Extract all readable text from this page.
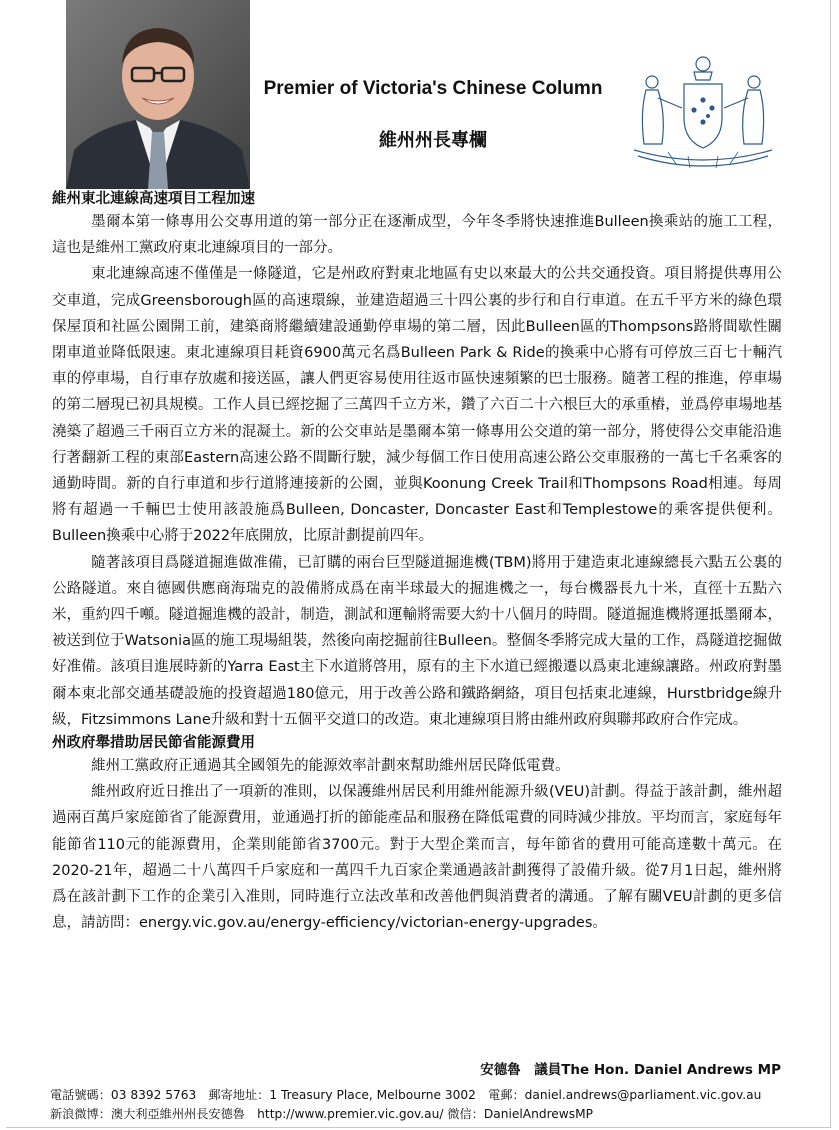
Premier of Victoria's Chinese Column
維州州長專欄
維州東北連線高速項目工程加速

墨爾本第一條專用公交專用道的第一部分正在逐漸成型，今年冬季將快速推進Bulleen換乘站的施工工程，這也是維州工黨政府東北連線項目的一部分。

東北連線高速不僅僅是一條隧道，它是州政府對東北地區有史以來最大的公共交通投資。項目將提供專用公交車道，完成Greensborough區的高速環線，並建造超過三十四公裏的步行和自行車道。在五千平方米的綠色環保屋頂和社區公園開工前，建築商將繼續建設通勤停車場的第二層，因此Bulleen區的Thompsons路將間歇性關閉車道並降低限速。東北連線項目耗資6900萬元名爲Bulleen Park & Ride的換乘中心將有可停放三百七十輛汽車的停車場，自行車存放處和接送區，讓人們更容易使用往返市區快速頻繁的巴士服務。隨著工程的推進，停車場的第二層現已初具規模。工作人員已經挖掘了三萬四千立方米，鑽了六百二十六根巨大的承重樁，並爲停車場地基澆築了超過三千兩百立方米的混凝土。新的公交車站是墨爾本第一條專用公交道的第一部分，將使得公交車能沿進行著翻新工程的東部Eastern高速公路不間斷行駛，減少每個工作日使用高速公路公交車服務的一萬七千名乘客的通勤時間。新的自行車道和步行道將連接新的公園，並與Koonung Creek Trail和Thompsons Road相連。每周將有超過一千輛巴士使用該設施爲Bulleen, Doncaster, Doncaster East和Templestowe的乘客提供便利。Bulleen換乘中心將于2022年底開放，比原計劃提前四年。

隨著該項目爲隧道掘進做准備，已訂購的兩台巨型隧道掘進機(TBM)將用于建造東北連線總長六點五公裏的公路隧道。來自德國供應商海瑞克的設備將成爲在南半球最大的掘進機之一，每台機器長九十米，直徑十五點六米，重約四千噸。隧道掘進機的設計，制造，測試和運輸將需要大約十八個月的時間。隧道掘進機將運抵墨爾本，被送到位于Watsonia區的施工現場組裝，然後向南挖掘前往Bulleen。整個冬季將完成大量的工作，爲隧道挖掘做好准備。該項目進展時新的Yarra East主下水道將啓用，原有的主下水道已經搬遷以爲東北連線讓路。州政府對墨爾本東北部交通基礎設施的投資超過180億元，用于改善公路和鐵路網絡，項目包括東北連線，Hurstbridge線升級，Fitzsimmons Lane升級和對十五個平交道口的改造。東北連線項目將由維州政府與聯邦政府合作完成。

州政府舉措助居民節省能源費用

維州工黨政府正通過其全國領先的能源效率計劃來幫助維州居民降低電費。

維州政府近日推出了一項新的准則，以保護維州居民利用維州能源升級(VEU)計劃。得益于該計劃，維州超過兩百萬戶家庭節省了能源費用，並通過打折的節能產品和服務在降低電費的同時減少排放。平均而言，家庭每年能節省110元的能源費用，企業則能節省3700元。對于大型企業而言，每年節省的費用可能高達數十萬元。在2020-21年，超過二十八萬四千戶家庭和一萬四千九百家企業通過該計劃獲得了設備升級。從7月1日起，維州將爲在該計劃下工作的企業引入准則，同時進行立法改革和改善他們與消費者的溝通。了解有關VEU計劃的更多信息，請訪問：energy.vic.gov.au/energy-efficiency/victorian-energy-upgrades。

安德魯　議員The Hon. Daniel Andrews MP
電話號碼：03 8392 5763　郵寄地址：1 Treasury Place, Melbourne 3002　電郵：daniel.andrews@parliament.vic.gov.au
新浪微博：澳大利亞維州州長安德魯　http://www.premier.vic.gov.au/ 微信：DanielAndrewsMP
